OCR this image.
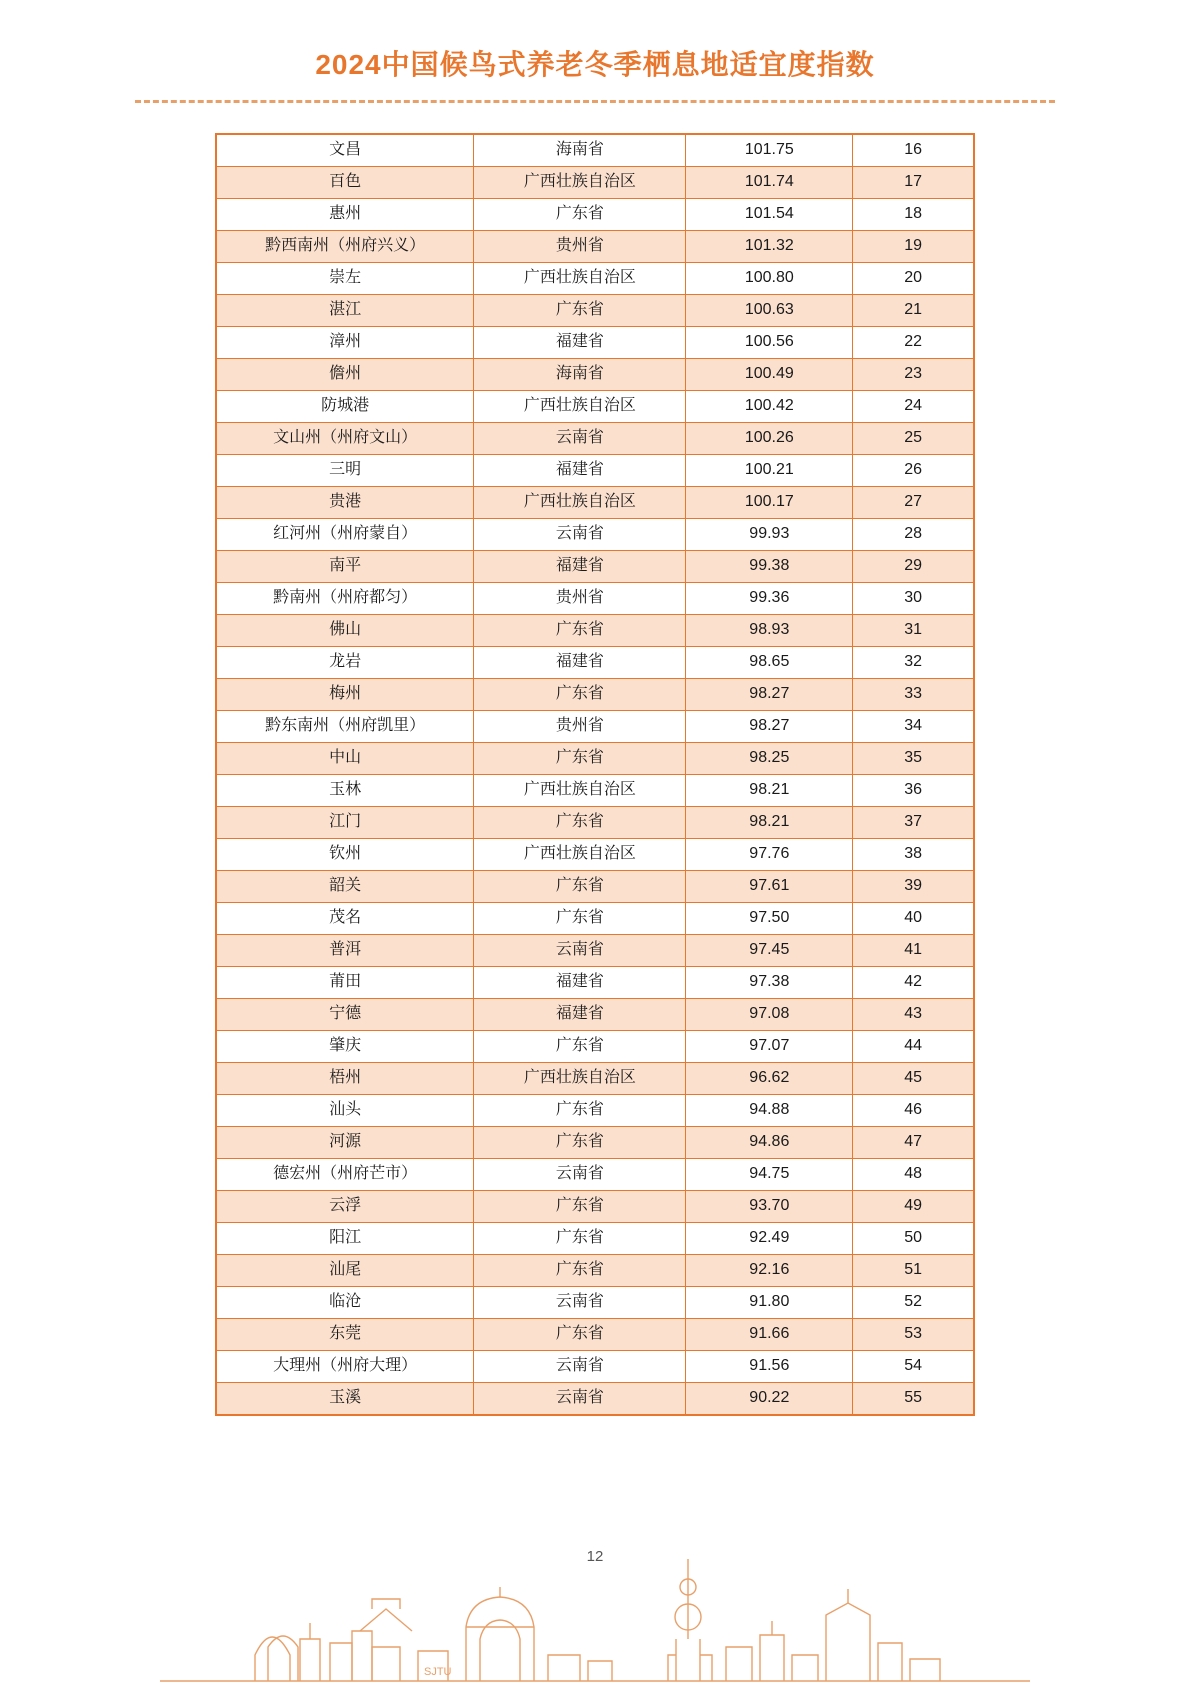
2024中国候鸟式养老冬季栖息地适宜度指数
文昌	海南省	101.75	16
百色	广西壮族自治区	101.74	17
惠州	广东省	101.54	18
黔西南州（州府兴义）	贵州省	101.32	19
崇左	广西壮族自治区	100.80	20
湛江	广东省	100.63	21
漳州	福建省	100.56	22
儋州	海南省	100.49	23
防城港	广西壮族自治区	100.42	24
文山州（州府文山）	云南省	100.26	25
三明	福建省	100.21	26
贵港	广西壮族自治区	100.17	27
红河州（州府蒙自）	云南省	99.93	28
南平	福建省	99.38	29
黔南州（州府都匀）	贵州省	99.36	30
佛山	广东省	98.93	31
龙岩	福建省	98.65	32
梅州	广东省	98.27	33
黔东南州（州府凯里）	贵州省	98.27	34
中山	广东省	98.25	35
玉林	广西壮族自治区	98.21	36
江门	广东省	98.21	37
钦州	广西壮族自治区	97.76	38
韶关	广东省	97.61	39
茂名	广东省	97.50	40
普洱	云南省	97.45	41
莆田	福建省	97.38	42
宁德	福建省	97.08	43
肇庆	广东省	97.07	44
梧州	广西壮族自治区	96.62	45
汕头	广东省	94.88	46
河源	广东省	94.86	47
德宏州（州府芒市）	云南省	94.75	48
云浮	广东省	93.70	49
阳江	广东省	92.49	50
汕尾	广东省	92.16	51
临沧	云南省	91.80	52
东莞	广东省	91.66	53
大理州（州府大理）	云南省	91.56	54
玉溪	云南省	90.22	55
12
SJTU
